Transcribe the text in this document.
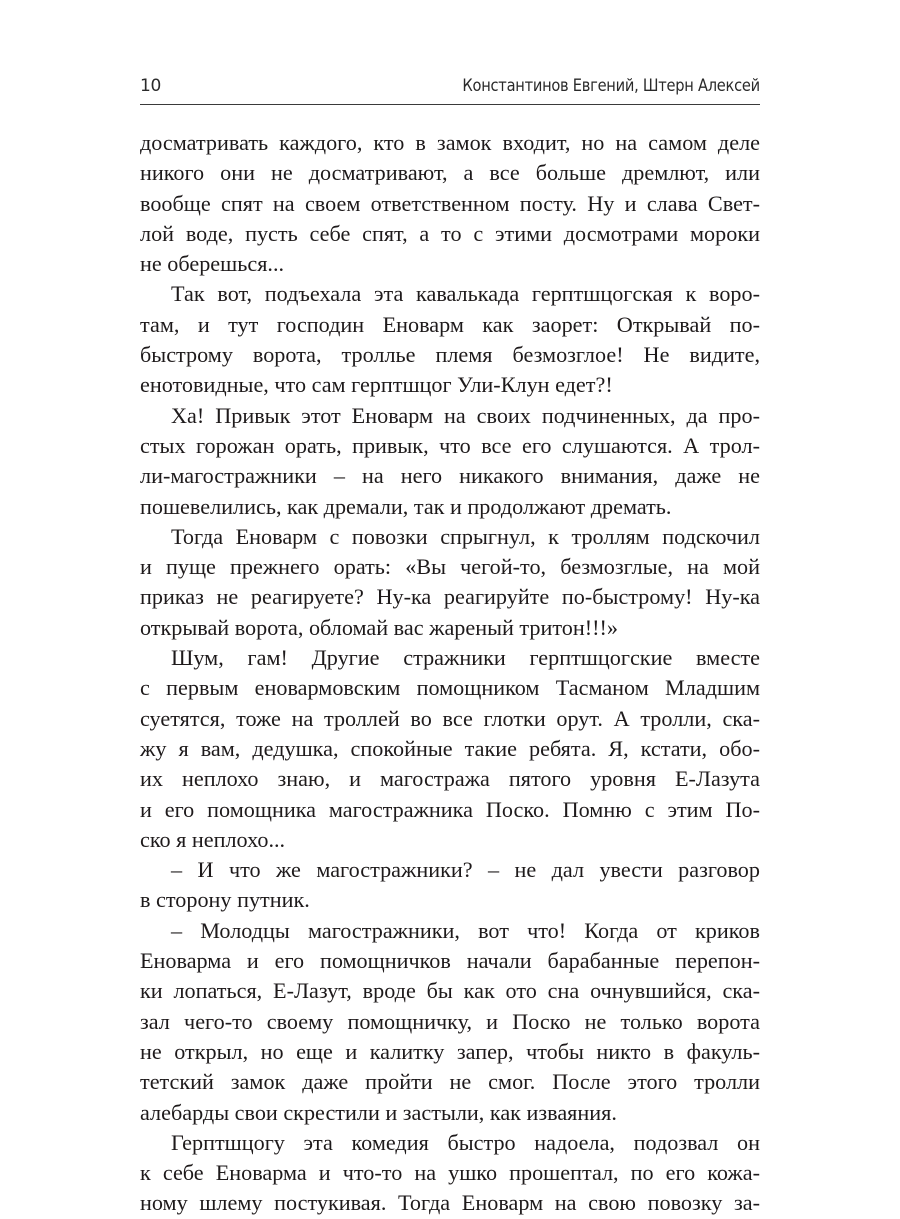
10	Константинов Евгений, Штерн Алексей
досматривать каждого, кто в замок входит, но на самом деле
никого они не досматривают, а все больше дремлют, или
вообще спят на своем ответственном посту. Ну и слава Свет-
лой воде, пусть себе спят, а то с этими досмотрами мороки
не оберешься...
Так вот, подъехала эта кавалькада герптшцогская к воро-
там, и тут господин Еноварм как заорет: Открывай по-
быстрому ворота, троллье племя безмозглое! Не видите,
енотовидные, что сам герптшцог Ули-Клун едет?!
Ха! Привык этот Еноварм на своих подчиненных, да про-
стых горожан орать, привык, что все его слушаются. А трол-
ли-магостражники – на него никакого внимания, даже не
пошевелились, как дремали, так и продолжают дремать.
Тогда Еноварм с повозки спрыгнул, к троллям подскочил
и пуще прежнего орать: «Вы чегой-то, безмозглые, на мой
приказ не реагируете? Ну-ка реагируйте по-быстрому! Ну-ка
открывай ворота, обломай вас жареный тритон!!!»
Шум, гам! Другие стражники герптшцогские вместе
с первым еновармовским помощником Тасманом Младшим
суетятся, тоже на троллей во все глотки орут. А тролли, ска-
жу я вам, дедушка, спокойные такие ребята. Я, кстати, обо-
их неплохо знаю, и магостража пятого уровня Е-Лазута
и его помощника магостражника Поско. Помню с этим По-
ско я неплохо...
– И что же магостражники? – не дал увести разговор
в сторону путник.
– Молодцы магостражники, вот что! Когда от криков
Еноварма и его помощничков начали барабанные перепон-
ки лопаться, Е-Лазут, вроде бы как ото сна очнувшийся, ска-
зал чего-то своему помощничку, и Поско не только ворота
не открыл, но еще и калитку запер, чтобы никто в факуль-
тетский замок даже пройти не смог. После этого тролли
алебарды свои скрестили и застыли, как изваяния.
Герптшцогу эта комедия быстро надоела, подозвал он
к себе Еноварма и что-то на ушко прошептал, по его кожа-
ному шлему постукивая. Тогда Еноварм на свою повозку за-
